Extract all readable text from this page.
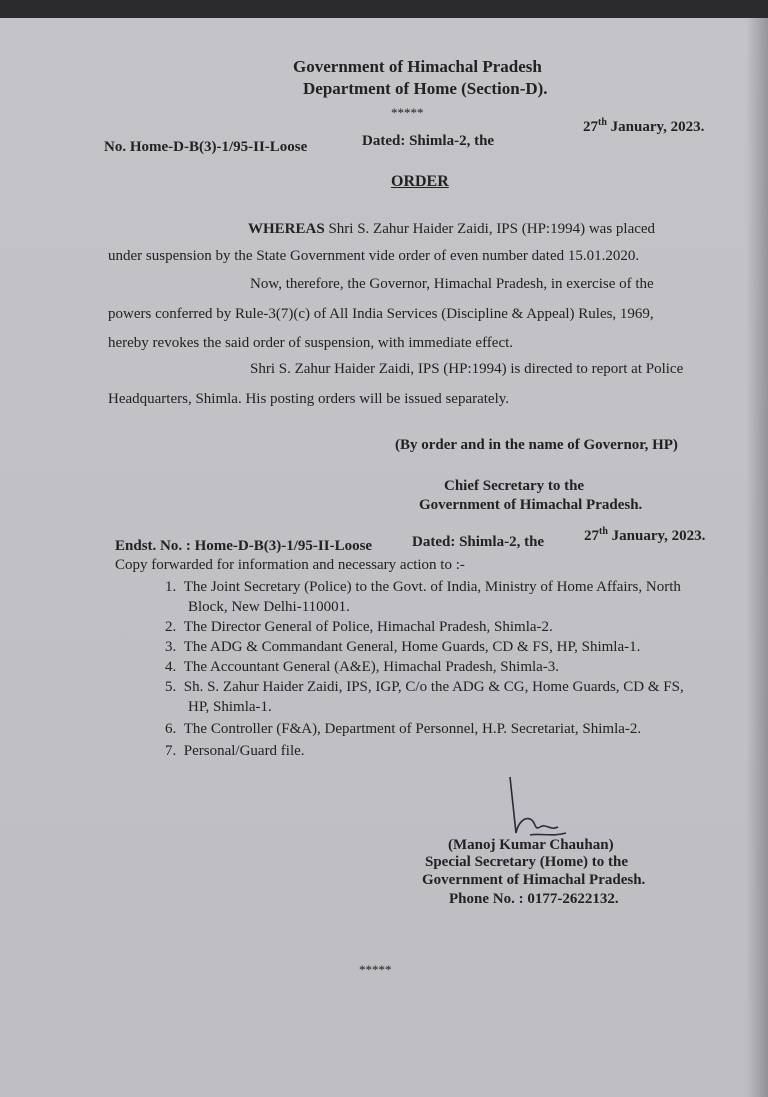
Government of Himachal Pradesh
Department of Home (Section-D).
*****
No. Home-D-B(3)-1/95-II-Loose	Dated: Shimla-2, the
27th January, 2023.
ORDER
WHEREAS Shri S. Zahur Haider Zaidi, IPS (HP:1994) was placed
under suspension by the State Government vide order of even number dated 15.01.2020.
Now, therefore, the Governor, Himachal Pradesh, in exercise of the
powers conferred by Rule-3(7)(c) of All India Services (Discipline & Appeal) Rules, 1969,
hereby revokes the said order of suspension, with immediate effect.
Shri S. Zahur Haider Zaidi, IPS (HP:1994) is directed to report at Police
Headquarters, Shimla. His posting orders will be issued separately.
(By order and in the name of Governor, HP)
Chief Secretary to the
Government of Himachal Pradesh.
Endst. No. : Home-D-B(3)-1/95-II-Loose	Dated: Shimla-2, the	27th January, 2023.
Copy forwarded for information and necessary action to :-
1. The Joint Secretary (Police) to the Govt. of India, Ministry of Home Affairs, North
Block, New Delhi-110001.
2. The Director General of Police, Himachal Pradesh, Shimla-2.
3. The ADG & Commandant General, Home Guards, CD & FS, HP, Shimla-1.
4. The Accountant General (A&E), Himachal Pradesh, Shimla-3.
5. Sh. S. Zahur Haider Zaidi, IPS, IGP, C/o the ADG & CG, Home Guards, CD & FS,
HP, Shimla-1.
6. The Controller (F&A), Department of Personnel, H.P. Secretariat, Shimla-2.
7. Personal/Guard file.
(Manoj Kumar Chauhan)
Special Secretary (Home) to the
Government of Himachal Pradesh.
Phone No. : 0177-2622132.
*****
